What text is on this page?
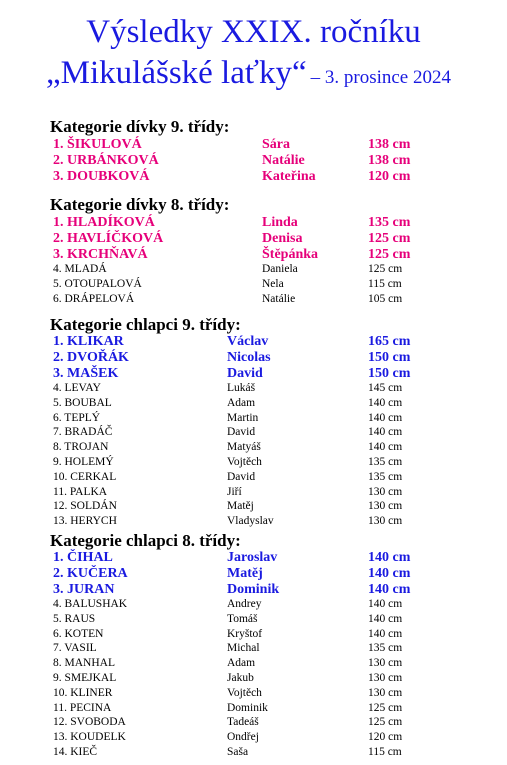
Výsledky XXIX. ročníku
„Mikulášské laťky“ – 3. prosince 2024
Kategorie dívky 9. třídy:
1. ŠIKULOVÁ	Sára	138 cm
2. URBÁNKOVÁ	Natálie	138 cm
3. DOUBKOVÁ	Kateřina	120 cm
Kategorie dívky 8. třídy:
1. HLADÍKOVÁ	Linda	135 cm
2. HAVLÍČKOVÁ	Denisa	125 cm
3. KRCHŇAVÁ	Štěpánka	125 cm
4. MLADÁ	Daniela	125 cm
5. OTOUPALOVÁ	Nela	115 cm
6. DRÁPELOVÁ	Natálie	105 cm
Kategorie chlapci 9. třídy:
1. KLIKAR	Václav	165 cm
2. DVOŘÁK	Nicolas	150 cm
3. MAŠEK	David	150 cm
4. LEVAY	Lukáš	145 cm
5. BOUBAL	Adam	140 cm
6. TEPLÝ	Martin	140 cm
7. BRADÁČ	David	140 cm
8. TROJAN	Matyáš	140 cm
9. HOLEMÝ	Vojtěch	135 cm
10. CERKAL	David	135 cm
11. PALKA	Jiří	130 cm
12. SOLDÁN	Matěj	130 cm
13. HERYCH	Vladyslav	130 cm
Kategorie chlapci 8. třídy:
1. ČIHAL	Jaroslav	140 cm
2. KUČERA	Matěj	140 cm
3. JURAN	Dominik	140 cm
4. BALUSHAK	Andrey	140 cm
5. RAUS	Tomáš	140 cm
6. KOTEN	Kryštof	140 cm
7. VASIL	Michal	135 cm
8. MANHAL	Adam	130 cm
9. SMEJKAL	Jakub	130 cm
10. KLINER	Vojtěch	130 cm
11. PECINA	Dominik	125 cm
12. SVOBODA	Tadeáš	125 cm
13. KOUDELK	Ondřej	120 cm
14. KIEČ	Saša	115 cm
